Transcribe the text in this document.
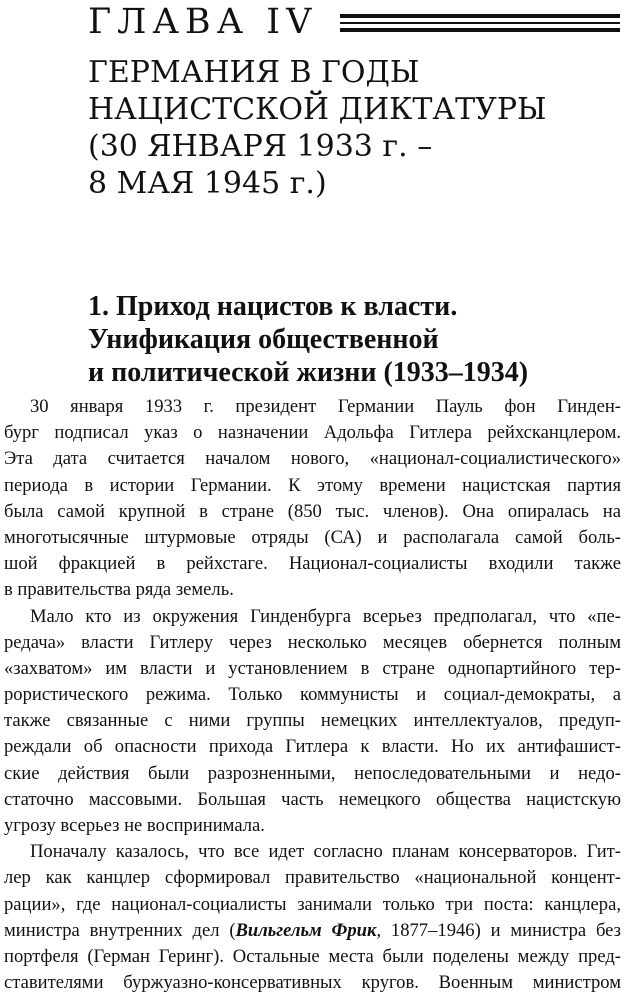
ГЛАВА IV
ГЕРМАНИЯ В ГОДЫ
НАЦИСТСКОЙ ДИКТАТУРЫ
(30 ЯНВАРЯ 1933 г. –
8 МАЯ 1945 г.)
1. Приход нацистов к власти.
Унификация общественной
и политической жизни (1933–1934)
30 января 1933 г. президент Германии Пауль фон Гинден-
бург подписал указ о назначении Адольфа Гитлера рейхсканцлером.
Эта дата считается началом нового, «национал-социалистического»
периода в истории Германии. К этому времени нацистская партия
была самой крупной в стране (850 тыс. членов). Она опиралась на
многотысячные штурмовые отряды (СА) и располагала самой боль-
шой фракцией в рейхстаге. Национал-социалисты входили также
в правительства ряда земель.
Мало кто из окружения Гинденбурга всерьез предполагал, что «пе-
редача» власти Гитлеру через несколько месяцев обернется полным
«захватом» им власти и установлением в стране однопартийного тер-
рористического режима. Только коммунисты и социал-демократы, а
также связанные с ними группы немецких интеллектуалов, предуп-
реждали об опасности прихода Гитлера к власти. Но их антифашист-
ские действия были разрозненными, непоследовательными и недо-
статочно массовыми. Большая часть немецкого общества нацистскую
угрозу всерьез не воспринимала.
Поначалу казалось, что все идет согласно планам консерваторов. Гит-
лер как канцлер сформировал правительство «национальной концент-
рации», где национал-социалисты занимали только три поста: канцлера,
министра внутренних дел (Вильгельм Фрик, 1877–1946) и министра без
портфеля (Герман Геринг). Остальные места были поделены между пред-
ставителями буржуазно-консервативных кругов. Военным министром
